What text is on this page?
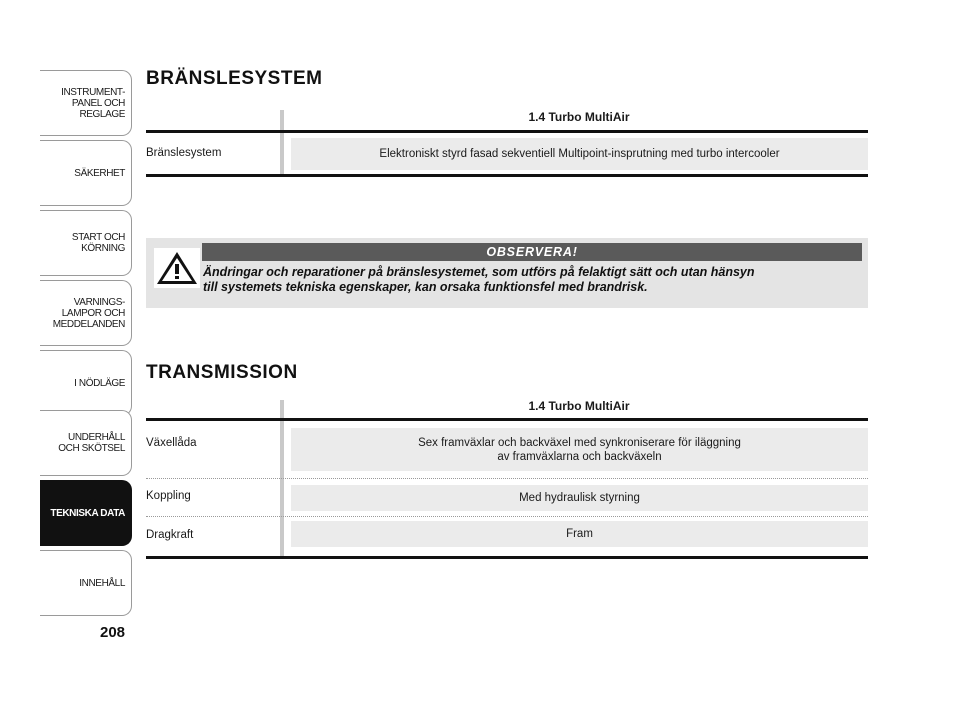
INSTRUMENT-
PANEL OCH
REGLAGE
SÄKERHET
START OCH
KÖRNING
VARNINGS-
LAMPOR OCH
MEDDELANDEN
I NÖDLÄGE
UNDERHÅLL
OCH SKÖTSEL
TEKNISKA DATA
INNEHÅLL
208
BRÄNSLESYSTEM
1.4 Turbo MultiAir
Bränslesystem	Elektroniskt styrd fasad sekventiell Multipoint-insprutning med turbo intercooler
OBSERVERA!
Ändringar och reparationer på bränslesystemet, som utförs på felaktigt sätt och utan hänsyn
till systemets tekniska egenskaper, kan orsaka funktionsfel med brandrisk.
TRANSMISSION
1.4 Turbo MultiAir
Växellåda	Sex framväxlar och backväxel med synkroniserare för iläggning
av framväxlarna och backväxeln
Koppling	Med hydraulisk styrning
Dragkraft	Fram
